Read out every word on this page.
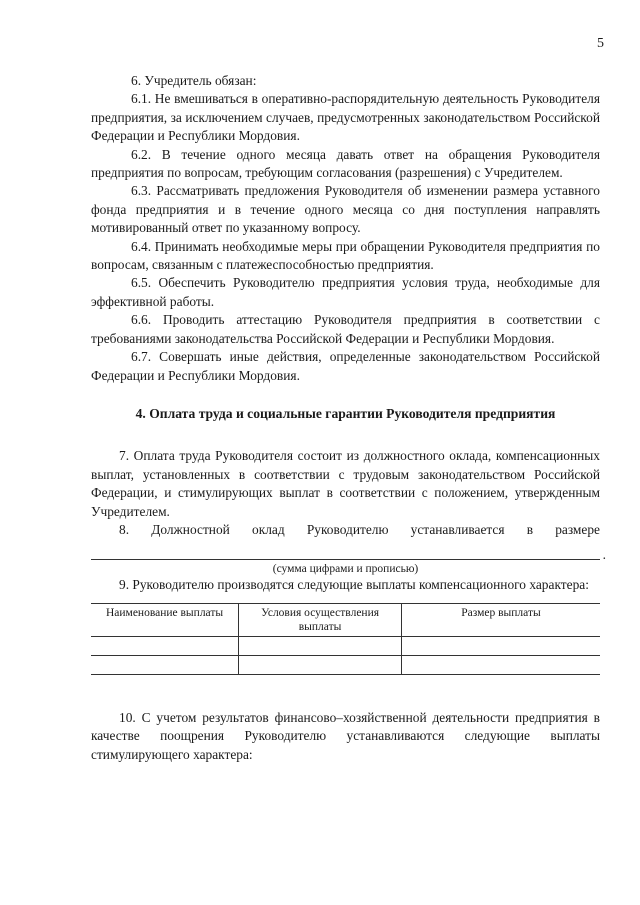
5

6. Учредитель обязан:

6.1. Не вмешиваться в оперативно-распорядительную деятельность Руководителя предприятия, за исключением случаев, предусмотренных законодательством Российской Федерации и Республики Мордовия.

6.2. В течение одного месяца давать ответ на обращения Руководителя предприятия по вопросам, требующим согласования (разрешения) с Учредителем.

6.3. Рассматривать предложения Руководителя об изменении размера уставного фонда предприятия и в течение одного месяца со дня поступления направлять мотивированный ответ по указанному вопросу.

6.4. Принимать необходимые меры при обращении Руководителя предприятия по вопросам, связанным с платежеспособностью предприятия.

6.5. Обеспечить Руководителю предприятия условия труда, необходимые для эффективной работы.

6.6. Проводить аттестацию Руководителя предприятия в соответствии с требованиями законодательства Российской Федерации и Республики Мордовия.

6.7. Совершать иные действия, определенные законодательством Российской Федерации и Республики Мордовия.

4. Оплата труда и социальные гарантии Руководителя предприятия

7. Оплата труда Руководителя состоит из должностного оклада, компенсационных выплат, установленных в соответствии с трудовым законодательством Российской Федерации, и стимулирующих выплат в соответствии с положением, утвержденным Учредителем.

8. Должностной оклад Руководителю устанавливается в размере

.
(сумма цифрами и прописью)

9. Руководителю производятся следующие выплаты компенсационного характера:

Наименование выплаты	Условия осуществления выплаты	Размер выплаты

10. С учетом результатов финансово–хозяйственной деятельности предприятия в качестве поощрения Руководителю устанавливаются следующие выплаты стимулирующего характера:
